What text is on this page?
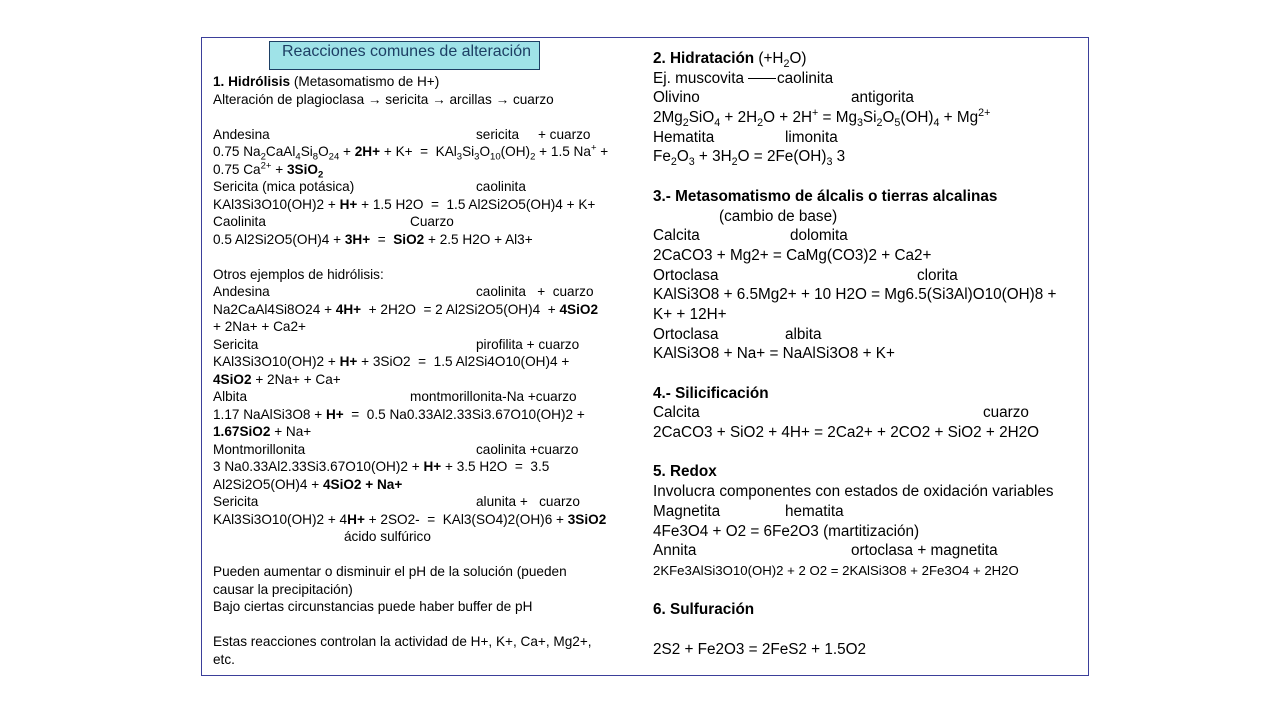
Reacciones comunes de alteración
1. Hidrólisis (Metasomatismo de H+)
Alteración de plagioclasa → sericita → arcillas → cuarzo
Andesina	sericita     + cuarzo
0.75 $Na_2CaAl_4Si_8O_{24} + 2H+ + K+ = KAl_3Si_3O_{10}(OH)_2 + 1.5$ Na+ +
0.75 $Ca^{2+} + 3SiO_2$
Sericita (mica potásica)	caolinita
KAl3Si3O10(OH)2 + H+ + 1.5 H2O  =  1.5 Al2Si2O5(OH)4 + K+
Caolinita	Cuarzo
0.5 Al2Si2O5(OH)4 + 3H+  =  SiO2 + 2.5 H2O + Al3+
Otros ejemplos de hidrólisis:
Andesina	caolinita   +  cuarzo
Na2CaAl4Si8O24 + 4H+  + 2H2O  = 2 Al2Si2O5(OH)4  + 4SiO2
+ 2Na+ + Ca2+
Sericita	pirofilita + cuarzo
KAl3Si3O10(OH)2 + H+ + 3SiO2  =  1.5 Al2Si4O10(OH)4 +
4SiO2 + 2Na+ + Ca+
Albita	montmorillonita-Na +cuarzo
1.17 NaAlSi3O8 + H+  =  0.5 Na0.33Al2.33Si3.67O10(OH)2 +
1.67SiO2 + Na+
Montmorillonita	caolinita +cuarzo
3 Na0.33Al2.33Si3.67O10(OH)2 + H+ + 3.5 H2O  =  3.5
Al2Si2O5(OH)4 + 4SiO2 + Na+
Sericita	alunita +   cuarzo
KAl3Si3O10(OH)2 + 4H+ + 2SO2-  =  KAl3(SO4)2(OH)6 + 3SiO2
ácido sulfúrico
Pueden aumentar o disminuir el pH de la solución (pueden
causar la precipitación)
Bajo ciertas circunstancias puede haber buffer de pH
Estas reacciones controlan la actividad de H+, K+, Ca+, Mg2+,
etc.
2. Hidratación $(+H_2O)$
Ej. muscovita caolinita
Olivino	antigorita
$2Mg_2SiO_4 + 2H_2O + 2H^+ = Mg_3Si_2O_5(OH)_4 + Mg^{2+}$
Hematita	limonita
$Fe_2O_3 + 3H_2O = 2Fe(OH)_3$ 3
3.- Metasomatismo de álcalis o tierras alcalinas
(cambio de base)
Calcita	dolomita
2CaCO3 + Mg2+ = CaMg(CO3)2 + Ca2+
Ortoclasa	clorita
KAlSi3O8 + 6.5Mg2+ + 10 H2O = Mg6.5(Si3Al)O10(OH)8 +
K+ + 12H+
Ortoclasa	albita
KAlSi3O8 + Na+ = NaAlSi3O8 + K+
4.- Silicificación
Calcita	cuarzo
2CaCO3 + SiO2 + 4H+ = 2Ca2+ + 2CO2 + SiO2 + 2H2O
5. Redox
Involucra componentes con estados de oxidación variables
Magnetita	hematita
4Fe3O4 + O2 = 6Fe2O3 (martitización)
Annita	ortoclasa + magnetita
2KFe3AlSi3O10(OH)2 + 2 O2 = 2KAlSi3O8 + 2Fe3O4 + 2H2O
6. Sulfuración
2S2 + Fe2O3 = 2FeS2 + 1.5O2
